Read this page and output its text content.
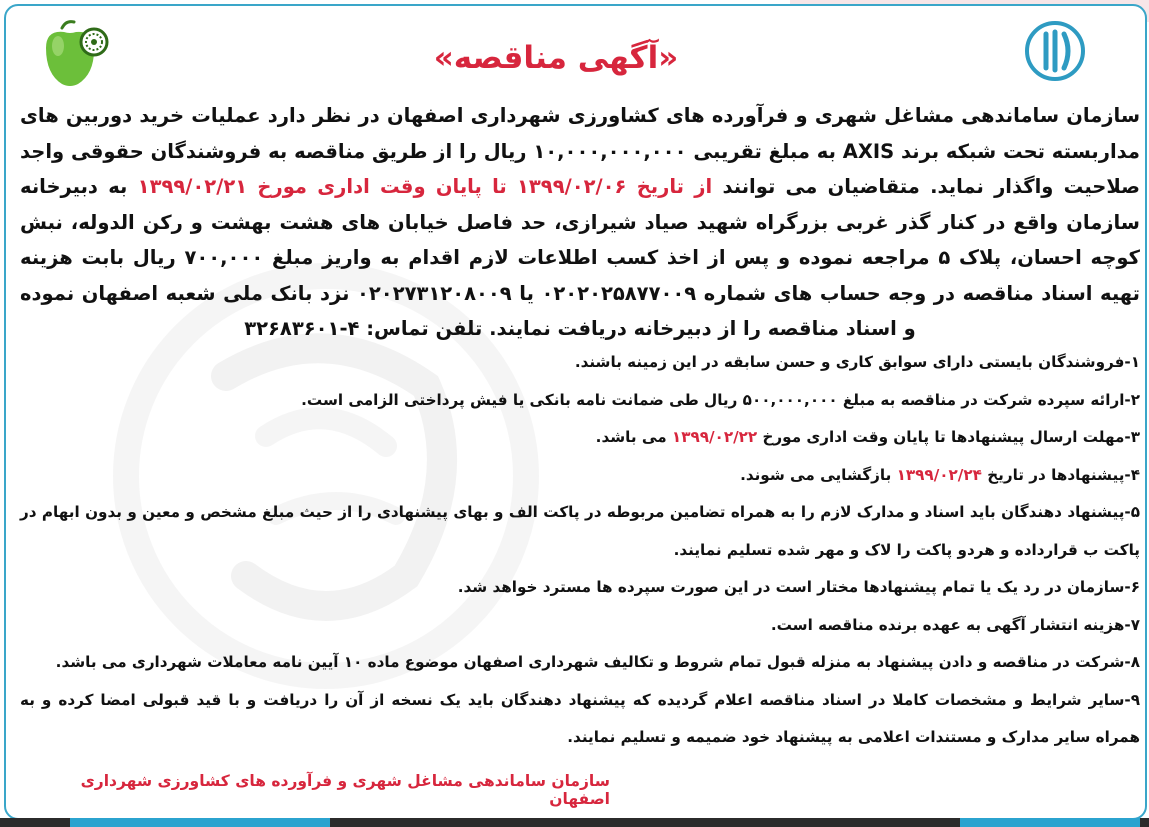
«آگهی مناقصه»

سازمان ساماندهی مشاغل شهری و فرآورده های کشاورزی شهرداری اصفهان در نظر دارد عملیات خرید دوربین های مداربسته تحت شبکه برند AXIS به مبلغ تقریبی ۱۰,۰۰۰,۰۰۰,۰۰۰ ریال را از طریق مناقصه به فروشندگان حقوقی واجد صلاحیت واگذار نماید. متقاضیان می توانند از تاریخ ۱۳۹۹/۰۲/۰۶ تا پایان وقت اداری مورخ ۱۳۹۹/۰۲/۲۱ به دبیرخانه سازمان واقع در کنار گذر غربی بزرگراه شهید صیاد شیرازی، حد فاصل خیابان های هشت بهشت و رکن الدوله، نبش کوچه احسان، پلاک ۵ مراجعه نموده و پس از اخذ کسب اطلاعات لازم اقدام به واریز مبلغ ۷۰۰,۰۰۰ ریال بابت هزینه تهیه اسناد مناقصه در وجه حساب های شماره ۰۲۰۲۰۲۵۸۷۷۰۰۹ یا ۰۲۰۲۷۳۱۲۰۸۰۰۹ نزد بانک ملی شعبه اصفهان نموده و اسناد مناقصه را از دبیرخانه دریافت نمایند. تلفن تماس: ۴-۳۲۶۸۳۶۰۱

۱-فروشندگان بایستی دارای سوابق کاری و حسن سابقه در این زمینه باشند.
۲-ارائه سپرده شرکت در مناقصه به مبلغ ۵۰۰,۰۰۰,۰۰۰ ریال طی ضمانت نامه بانکی یا فیش پرداختی الزامی است.
۳-مهلت ارسال پیشنهادها تا پایان وقت اداری مورخ ۱۳۹۹/۰۲/۲۲ می باشد.
۴-پیشنهادها در تاریخ ۱۳۹۹/۰۲/۲۴ بازگشایی می شوند.
۵-پیشنهاد دهندگان باید اسناد و مدارک لازم را به همراه تضامین مربوطه در پاکت الف و بهای پیشنهادی را از حیث مبلغ مشخص و معین و بدون ابهام در پاکت ب قرارداده و هردو پاکت را لاک و مهر شده تسلیم نمایند.
۶-سازمان در رد یک یا تمام پیشنهادها مختار است در این صورت سپرده ها مسترد خواهد شد.
۷-هزینه انتشار آگهی به عهده برنده مناقصه است.
۸-شرکت در مناقصه و دادن پیشنهاد به منزله قبول تمام شروط و تکالیف شهرداری اصفهان موضوع ماده ۱۰ آیین نامه معاملات شهرداری می باشد.
۹-سایر شرایط و مشخصات کاملا در اسناد مناقصه اعلام گردیده که پیشنهاد دهندگان باید یک نسخه از آن را دریافت و با قید قبولی امضا کرده و به همراه سایر مدارک و مستندات اعلامی به پیشنهاد خود ضمیمه و تسلیم نمایند.

سازمان ساماندهی مشاغل شهری و فرآورده های کشاورزی شهرداری اصفهان
